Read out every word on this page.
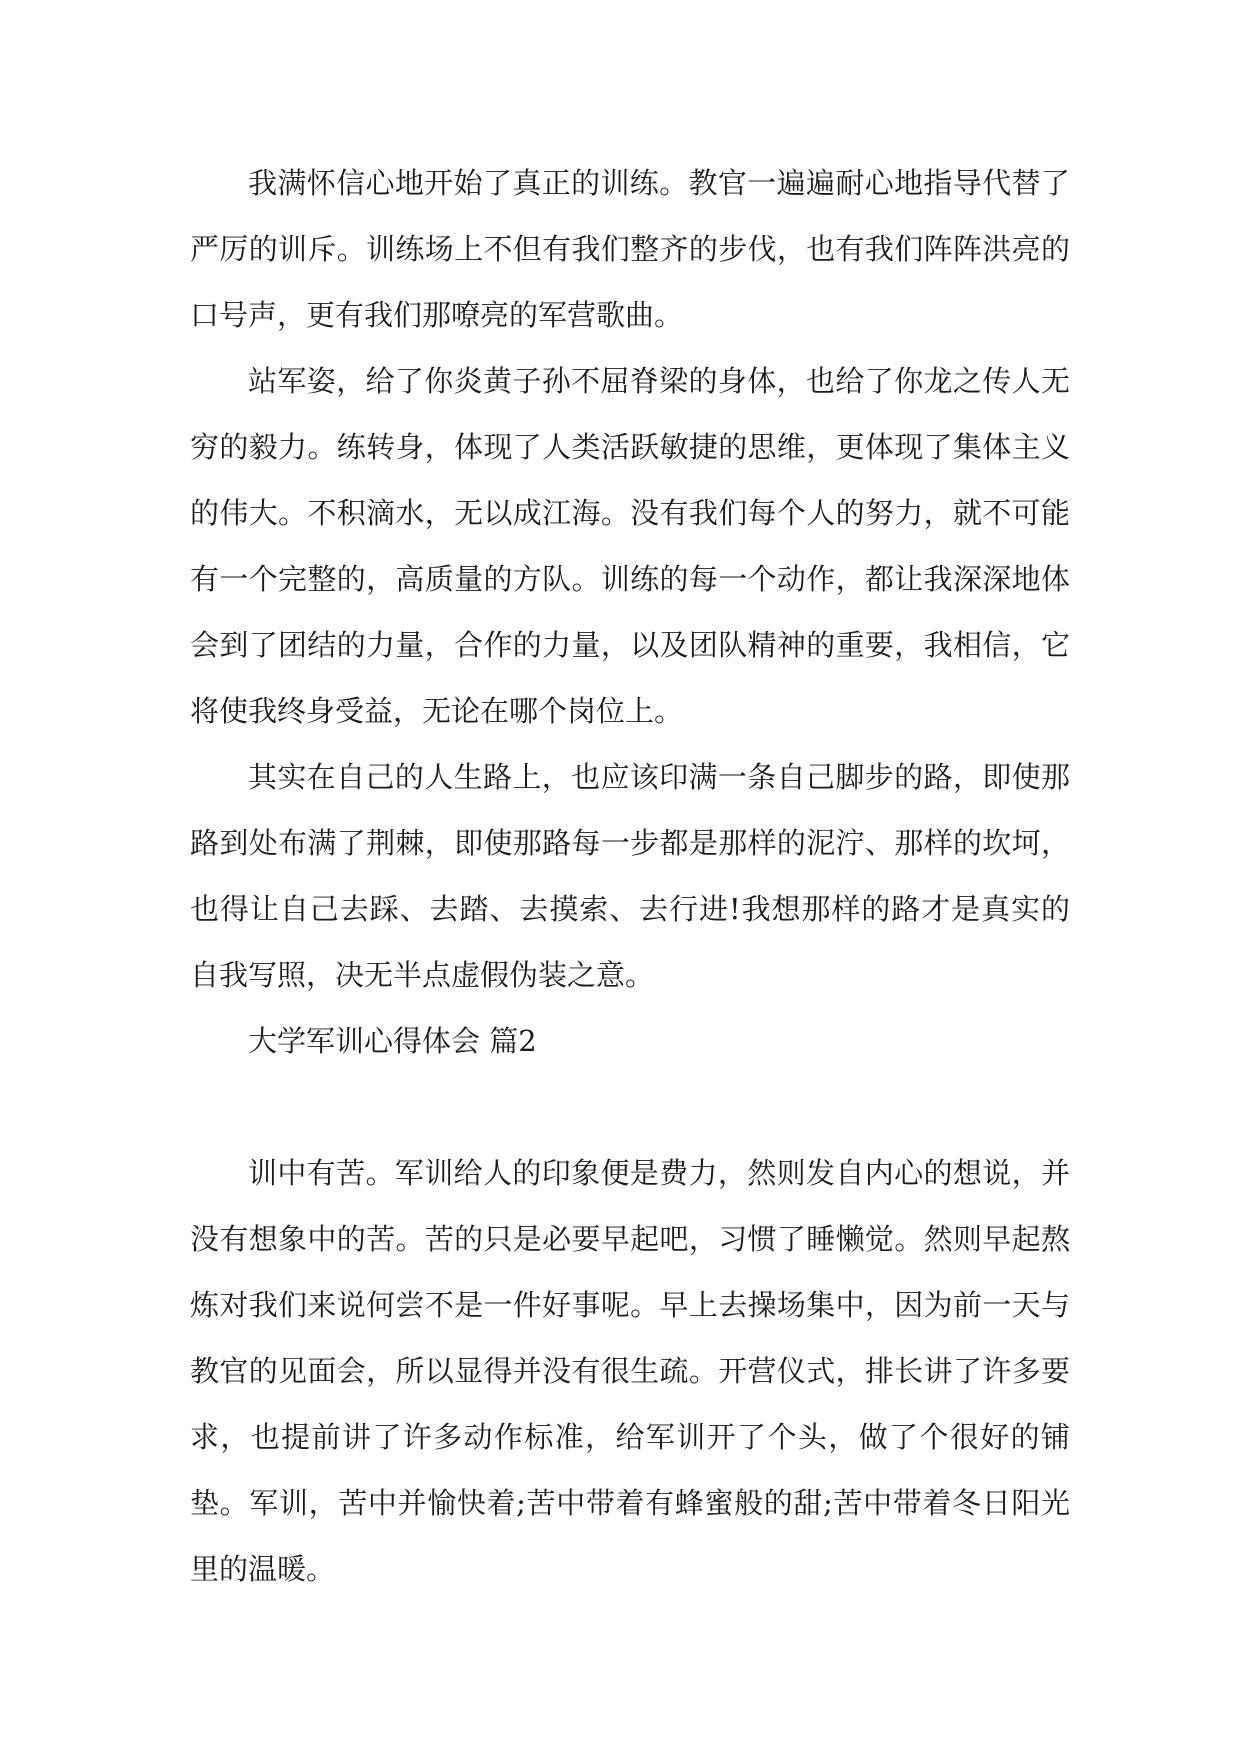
我满怀信心地开始了真正的训练。教官一遍遍耐心地指导代替了严厉的训斥。训练场上不但有我们整齐的步伐，也有我们阵阵洪亮的口号声，更有我们那嘹亮的军营歌曲。

站军姿，给了你炎黄子孙不屈脊梁的身体，也给了你龙之传人无穷的毅力。练转身，体现了人类活跃敏捷的思维，更体现了集体主义的伟大。不积滴水，无以成江海。没有我们每个人的努力，就不可能有一个完整的，高质量的方队。训练的每一个动作，都让我深深地体会到了团结的力量，合作的力量，以及团队精神的重要，我相信，它将使我终身受益，无论在哪个岗位上。

其实在自己的人生路上，也应该印满一条自己脚步的路，即使那路到处布满了荆棘，即使那路每一步都是那样的泥泞、那样的坎坷，也得让自己去踩、去踏、去摸索、去行进!我想那样的路才是真实的自我写照，决无半点虚假伪装之意。

大学军训心得体会 篇2

训中有苦。军训给人的印象便是费力，然则发自内心的想说，并没有想象中的苦。苦的只是必要早起吧，习惯了睡懒觉。然则早起熬炼对我们来说何尝不是一件好事呢。早上去操场集中，因为前一天与教官的见面会，所以显得并没有很生疏。开营仪式，排长讲了许多要求，也提前讲了许多动作标准，给军训开了个头，做了个很好的铺垫。军训，苦中并愉快着;苦中带着有蜂蜜般的甜;苦中带着冬日阳光里的温暖。
